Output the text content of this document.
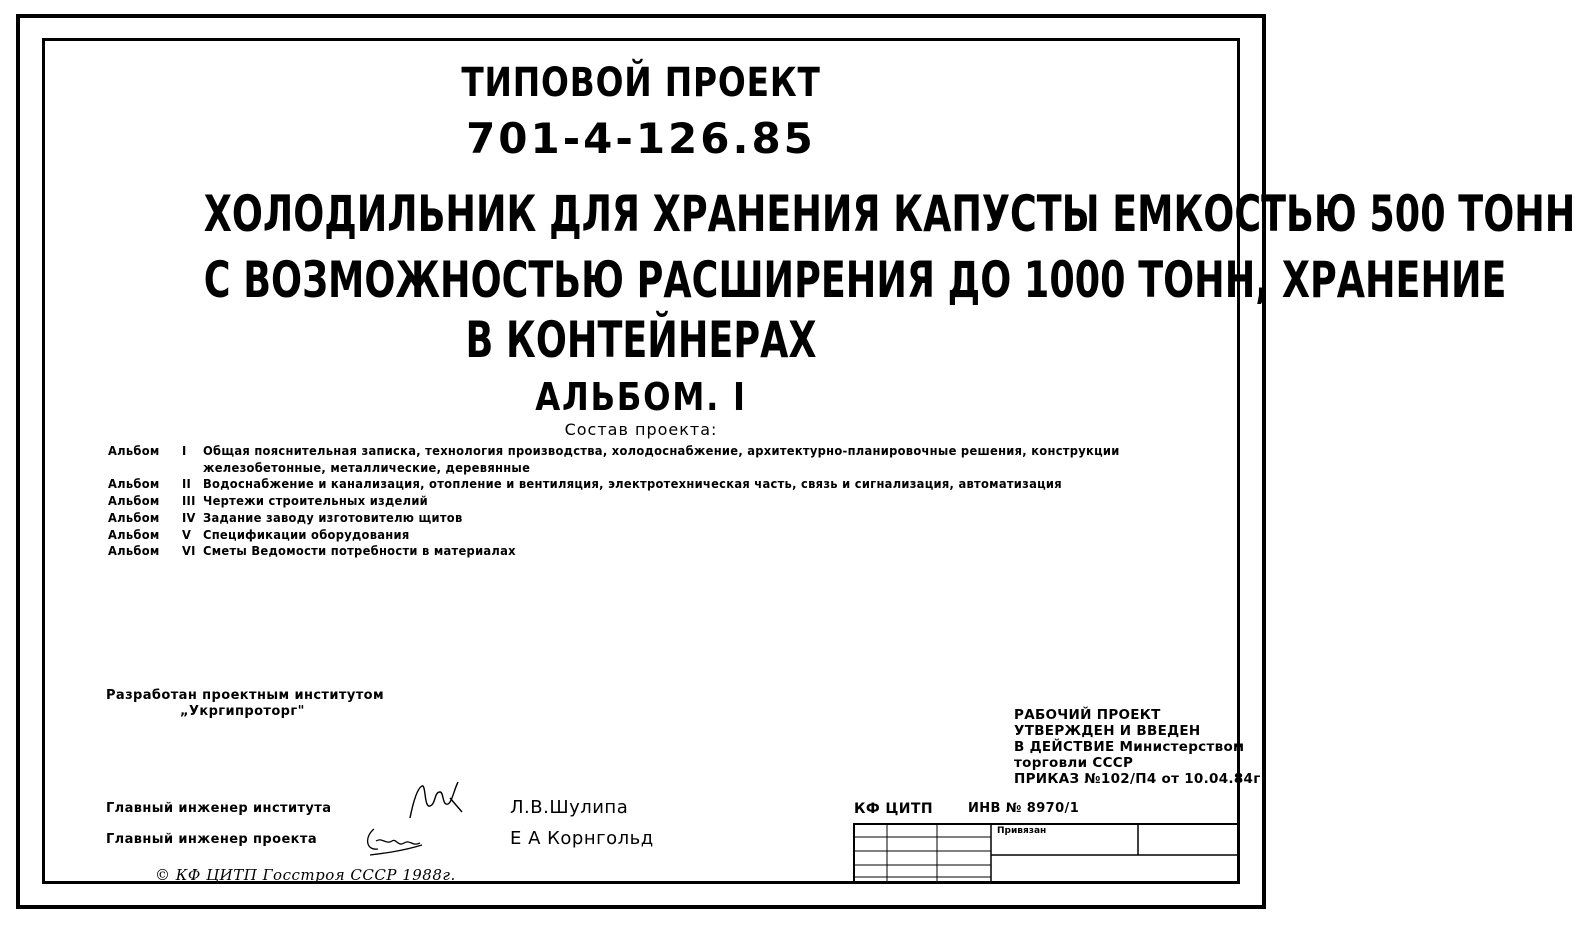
ТИПОВОЙ ПРОЕКТ
701-4-126.85
ХОЛОДИЛЬНИК ДЛЯ ХРАНЕНИЯ КАПУСТЫ ЕМКОСТЬЮ 500 ТОНН
С ВОЗМОЖНОСТЬЮ РАСШИРЕНИЯ ДО 1000 ТОНН, ХРАНЕНИЕ
В КОНТЕЙНЕРАХ
АЛЬБОМ. I
Состав проекта:
Альбом I Общая пояснительная записка, технология производства, холодоснабжение, архитектурно-планировочные решения, конструкции
железобетонные, металлические, деревянные
Альбом II Водоснабжение и канализация, отопление и вентиляция, электротехническая часть, связь и сигнализация, автоматизация
Альбом III Чертежи строительных изделий
Альбом IV Задание заводу изготовителю щитов
Альбом V Спецификации оборудования
Альбом VI Сметы Ведомости потребности в материалах
Разработан проектным институтом
„Укргипроторг"	РАБОЧИЙ ПРОЕКТ
УТВЕРЖДЕН И ВВЕДЕН
В ДЕЙСТВИЕ Министерством
торговли СССР
ПРИКАЗ №102/П4 от 10.04.84г.
Главный инженер института	Л.В.Шулипа
Главный инженер проекта	Е А Корнгольд
КФ ЦИТП	ИНВ № 8970/1
Привязан
© КФ ЦИТП Госстроя СССР 1988г.
